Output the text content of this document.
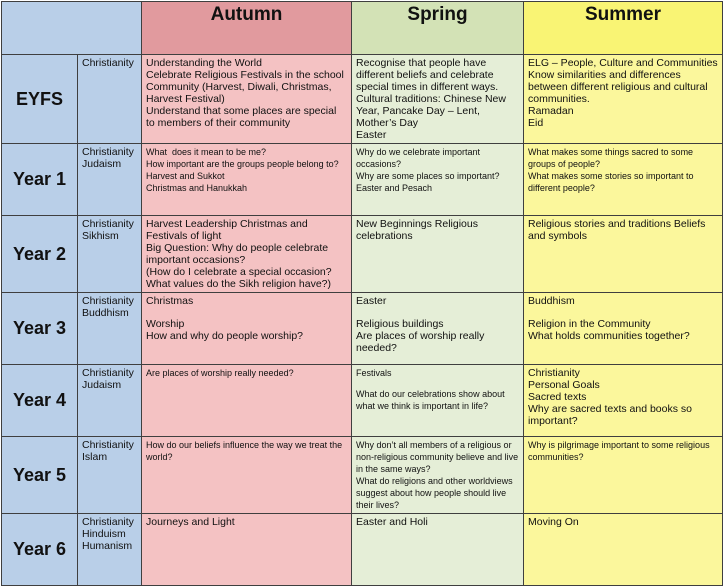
		Autumn	Spring	Summer
EYFS	Christianity	Understanding the World
Celebrate Religious Festivals in the school Community (Harvest, Diwali, Christmas, Harvest Festival)
Understand that some places are special to members of their community	Recognise that people have different beliefs and celebrate special times in different ways.
Cultural traditions: Chinese New Year, Pancake Day – Lent, Mother’s Day
Easter	ELG – People, Culture and Communities
Know similarities and differences between different religious and cultural communities.
Ramadan
Eid

Year 1	Christianity
Judaism	What  does it mean to be me?
How important are the groups people belong to?
Harvest and Sukkot
Christmas and Hanukkah	Why do we celebrate important occasions?
Why are some places so important?
Easter and Pesach	What makes some things sacred to some groups of people?
What makes some stories so important to different people?

Year 2	Christianity
Sikhism	Harvest Leadership Christmas and Festivals of light
Big Question: Why do people celebrate important occasions?
(How do I celebrate a special occasion?
What values do the Sikh religion have?)	New Beginnings Religious celebrations	Religious stories and traditions Beliefs and symbols

Year 3	Christianity
Buddhism	Christmas
Worship
How and why do people worship?	Easter
Religious buildings
Are places of worship really needed?	Buddhism
Religion in the Community
What holds communities together?

Year 4	Christianity
Judaism	Are places of worship really needed?	Festivals
What do our celebrations show about what we think is important in life?	Christianity
Personal Goals
Sacred texts
Why are sacred texts and books so important?

Year 5	Christianity
Islam	How do our beliefs influence the way we treat the world?	Why don’t all members of a religious or non-religious community believe and live in the same ways?
What do religions and other worldviews suggest about how people should live their lives?	Why is pilgrimage important to some religious communities?

Year 6	Christianity
Hinduism
Humanism	Journeys and Light	Easter and Holi	Moving On
